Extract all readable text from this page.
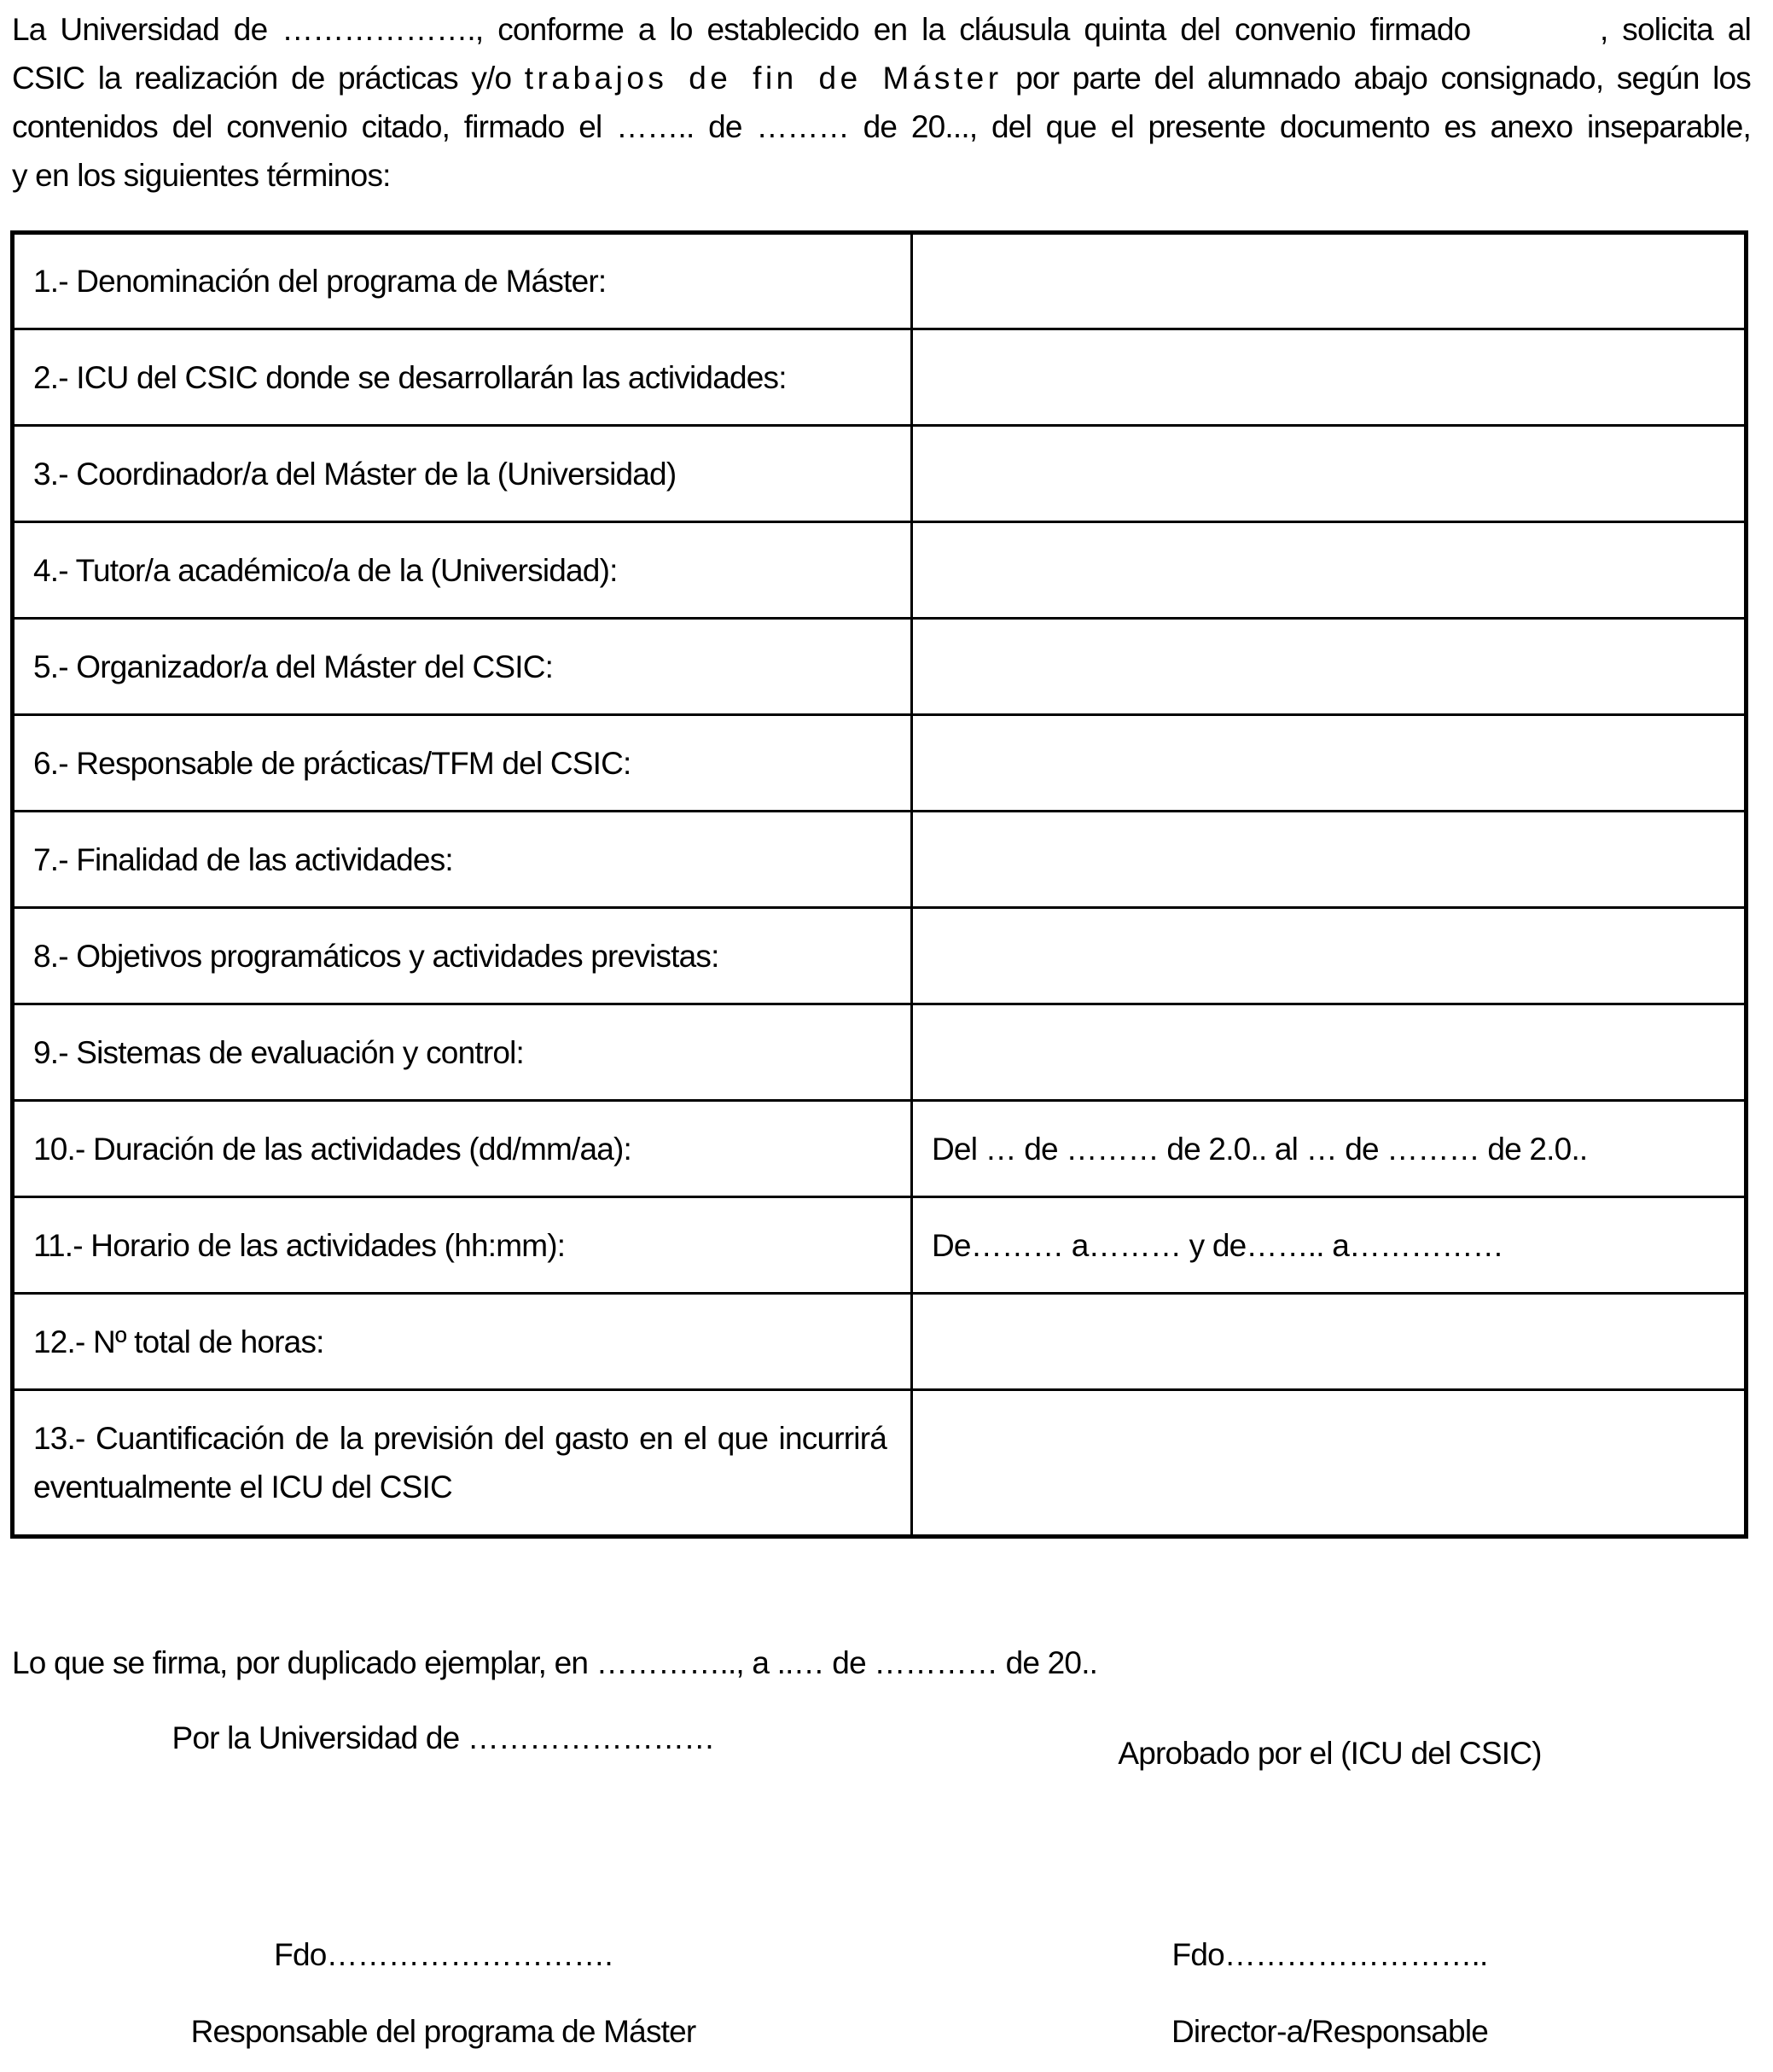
La Universidad de ………………., conforme a lo establecido en la cláusula quinta del convenio firmado         , solicita al
CSIC la realización de prácticas y/o trabajos de fin de Máster por parte del alumnado abajo consignado, según los
contenidos del convenio citado, firmado el …….. de ……… de 20..., del que el presente documento es anexo inseparable,
y en los siguientes términos:
1.- Denominación del programa de Máster:	
2.- ICU del CSIC donde se desarrollarán las actividades:	
3.- Coordinador/a del Máster de la (Universidad)	
4.- Tutor/a académico/a de la (Universidad):	
5.- Organizador/a del Máster del CSIC:	
6.- Responsable de prácticas/TFM del CSIC:	
7.- Finalidad de las actividades:	
8.- Objetivos programáticos y actividades previstas:	
9.- Sistemas de evaluación y control:	
10.- Duración de las actividades (dd/mm/aa):	Del … de ……… de 2.0.. al … de ……… de 2.0..
11.- Horario de las actividades (hh:mm):	De……… a……… y de…….. a……………
12.- Nº total de horas:	
13.- Cuantificación de la previsión del gasto en el que incurrirá eventualmente el ICU del CSIC	
Lo que se firma, por duplicado ejemplar, en ………….., a ..… de ………… de 20..
Por la Universidad de ……………………	Aprobado por el (ICU del CSIC)
Fdo……………………….	Fdo……………………..
Responsable del programa de Máster	Director-a/Responsable
